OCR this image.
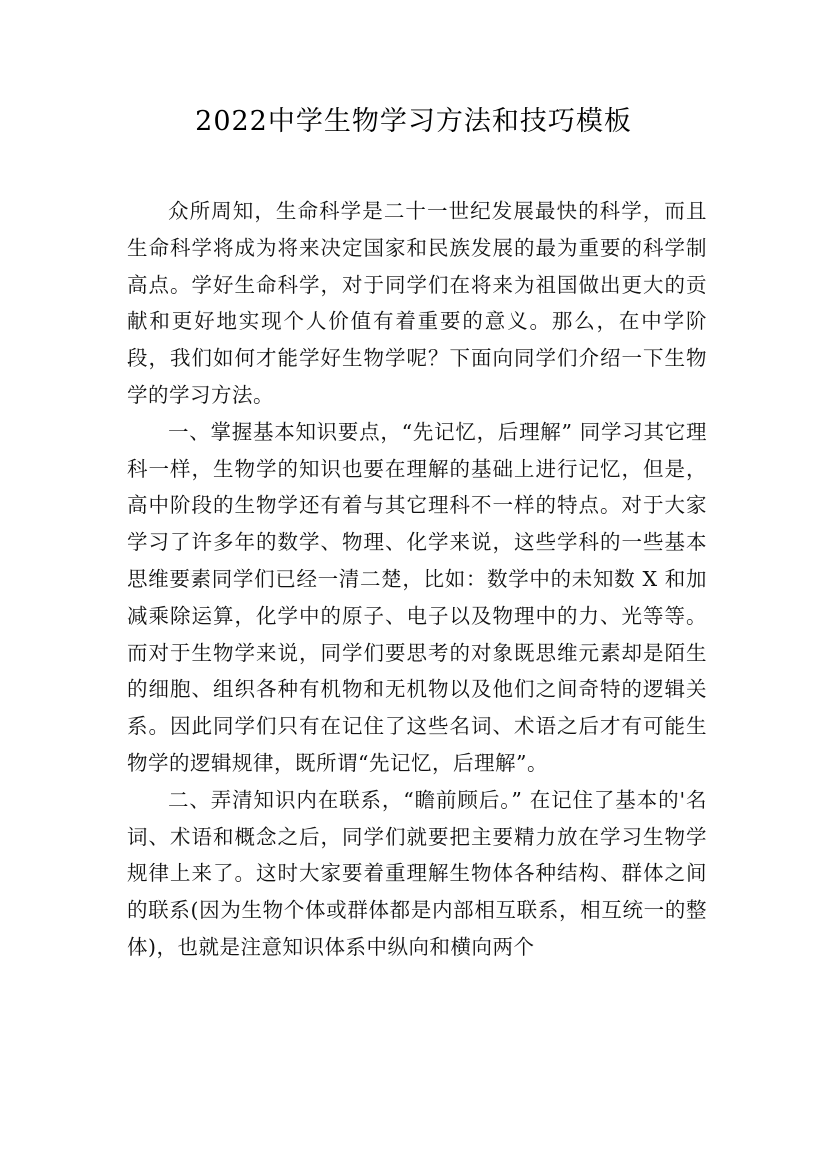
2022中学生物学习方法和技巧模板

众所周知，生命科学是二十一世纪发展最快的科学，而且生命科学将成为将来决定国家和民族发展的最为重要的科学制高点。学好生命科学，对于同学们在将来为祖国做出更大的贡献和更好地实现个人价值有着重要的意义。那么，在中学阶段，我们如何才能学好生物学呢？下面向同学们介绍一下生物学的学习方法。

一、掌握基本知识要点，“先记忆，后理解” 同学习其它理科一样，生物学的知识也要在理解的基础上进行记忆，但是，高中阶段的生物学还有着与其它理科不一样的特点。对于大家学习了许多年的数学、物理、化学来说，这些学科的一些基本思维要素同学们已经一清二楚，比如：数学中的未知数 X 和加减乘除运算，化学中的原子、电子以及物理中的力、光等等。而对于生物学来说，同学们要思考的对象既思维元素却是陌生的细胞、组织各种有机物和无机物以及他们之间奇特的逻辑关系。因此同学们只有在记住了这些名词、术语之后才有可能生物学的逻辑规律，既所谓“先记忆，后理解”。

二、弄清知识内在联系，“瞻前顾后。” 在记住了基本的'名词、术语和概念之后，同学们就要把主要精力放在学习生物学规律上来了。这时大家要着重理解生物体各种结构、群体之间的联系(因为生物个体或群体都是内部相互联系，相互统一的整体)，也就是注意知识体系中纵向和横向两个
